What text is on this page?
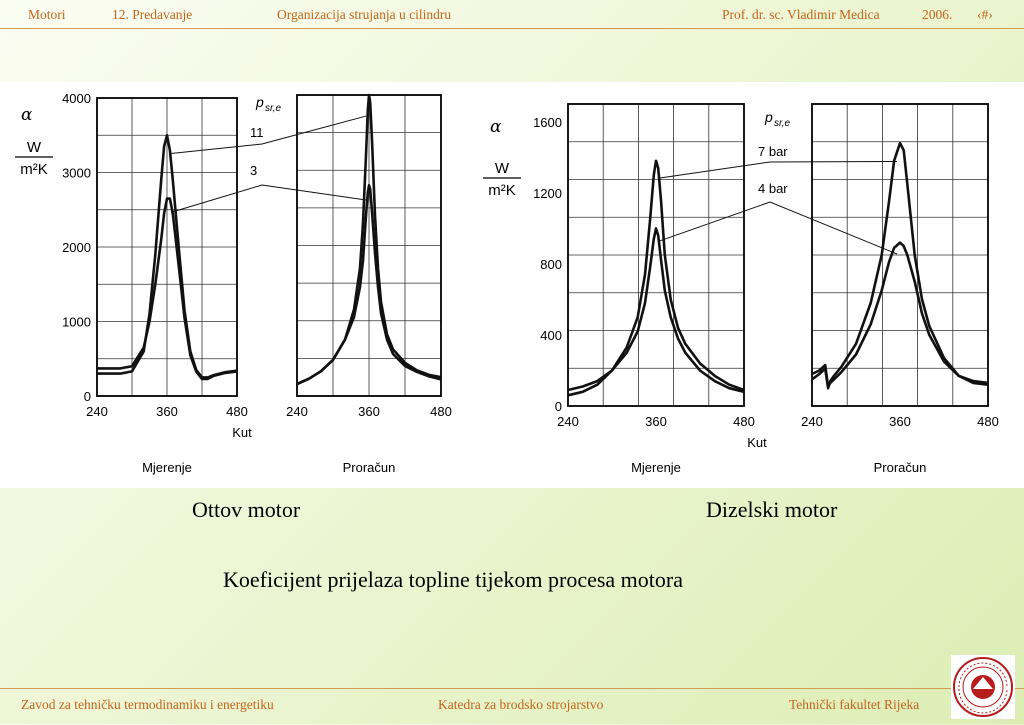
Motori	12. Predavanje	Organizacija strujanja u cilindru	Prof. dr. sc. Vladimir Medica	2006. ‹#›
α
W
m²K
p sr,e
240	360	480
0
1000
2000
3000
4000
Kut
Mjerenje
240	360	480
Proračun
11
3
α
W
m²K
p sr,e
240	360	480
0
400
800
1200
1600
Kut
Mjerenje
240	360	480
Proračun
7 bar
4 bar
Ottov motor	Dizelski motor
Koeficijent prijelaza topline tijekom procesa motora
Zavod za tehničku termodinamiku i energetiku	Katedra za brodsko strojarstvo	Tehnički fakultet Rijeka
